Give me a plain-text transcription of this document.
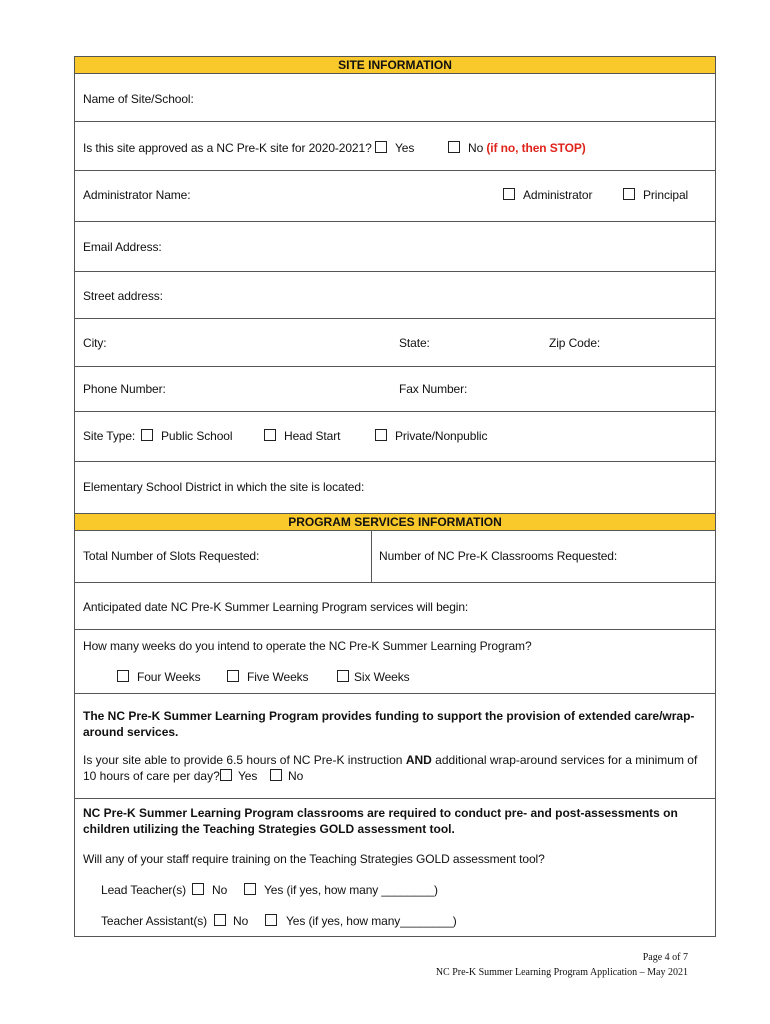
SITE INFORMATION
Name of Site/School:
Is this site approved as a NC Pre-K site for 2020-2021? Yes	No (if no, then STOP)
Administrator Name:	Administrator	Principal
Email Address:
Street address:
City:	State:	Zip Code:
Phone Number:	Fax Number:
Site Type: Public School	Head Start	Private/Nonpublic
Elementary School District in which the site is located:
PROGRAM SERVICES INFORMATION
Total Number of Slots Requested:	Number of NC Pre-K Classrooms Requested:
Anticipated date NC Pre-K Summer Learning Program services will begin:
How many weeks do you intend to operate the NC Pre-K Summer Learning Program?
Four Weeks	Five Weeks	Six Weeks
The NC Pre-K Summer Learning Program provides funding to support the provision of extended care/wrap-around services.
Is your site able to provide 6.5 hours of NC Pre-K instruction AND additional wrap-around services for a minimum of 10 hours of care per day?	Yes	No
NC Pre-K Summer Learning Program classrooms are required to conduct pre- and post-assessments on children utilizing the Teaching Strategies GOLD assessment tool.
Will any of your staff require training on the Teaching Strategies GOLD assessment tool?
Lead Teacher(s) No	Yes (if yes, how many ________)
Teacher Assistant(s) No	Yes (if yes, how many________)
Page 4 of 7
NC Pre-K Summer Learning Program Application – May 2021
